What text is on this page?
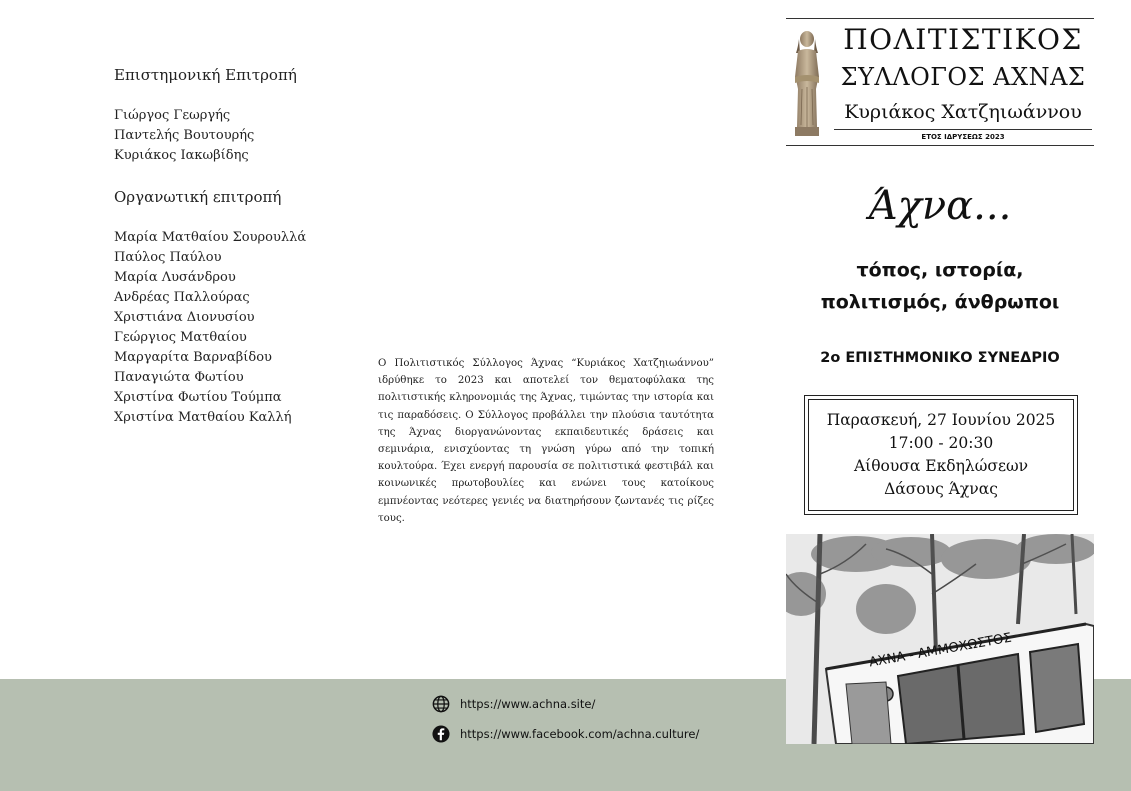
Επιστημονική Επιτροπή
Γιώργος Γεωργής
Παντελής Βουτουρής
Κυριάκος Ιακωβίδης
Οργανωτική επιτροπή
Μαρία Ματθαίου Σουρουλλά
Παύλος Παύλου
Μαρία Λυσάνδρου
Ανδρέας Παλλούρας
Χριστιάνα Διονυσίου
Γεώργιος Ματθαίου
Μαργαρίτα Βαρναβίδου
Παναγιώτα Φωτίου
Χριστίνα Φωτίου Τούμπα
Χριστίνα Ματθαίου Καλλή

Ο Πολιτιστικός Σύλλογος Άχνας “Κυριάκος Χατζηιωάννου” ιδρύθηκε το 2023 και αποτελεί τον θεματοφύλακα της πολιτιστικής κληρονομιάς της Άχνας, τιμώντας την ιστορία και τις παραδόσεις. Ο Σύλλογος προβάλλει την πλούσια ταυτότητα της Άχνας διοργανώνοντας εκπαιδευτικές δράσεις και σεμινάρια, ενισχύοντας τη γνώση γύρω από την τοπική κουλτούρα. Έχει ενεργή παρουσία σε πολιτιστικά φεστιβάλ και κοινωνικές πρωτοβουλίες και ενώνει τους κατοίκους εμπνέοντας νεότερες γενιές να διατηρήσουν ζωντανές τις ρίζες τους.

https://www.achna.site/
https://www.facebook.com/achna.culture/
ΠΟΛΙΤΙΣΤΙΚΟΣ
ΣΥΛΛΟΓΟΣ ΑΧΝΑΣ
Κυριάκος Χατζηιωάννου
ΕΤΟΣ ΙΔΡΥΣΕΩΣ 2023
Άχνα...
τόπος, ιστορία,
πολιτισμός, άνθρωποι
2ο ΕΠΙΣΤΗΜΟΝΙΚΟ ΣΥΝΕΔΡΙΟ
Παρασκευή, 27 Ιουνίου 2025
17:00 - 20:30
Αίθουσα Εκδηλώσεων
Δάσους Άχνας
ΑΧΝΑ - ΑΜΜΟΧΩΣΤΟΣ
